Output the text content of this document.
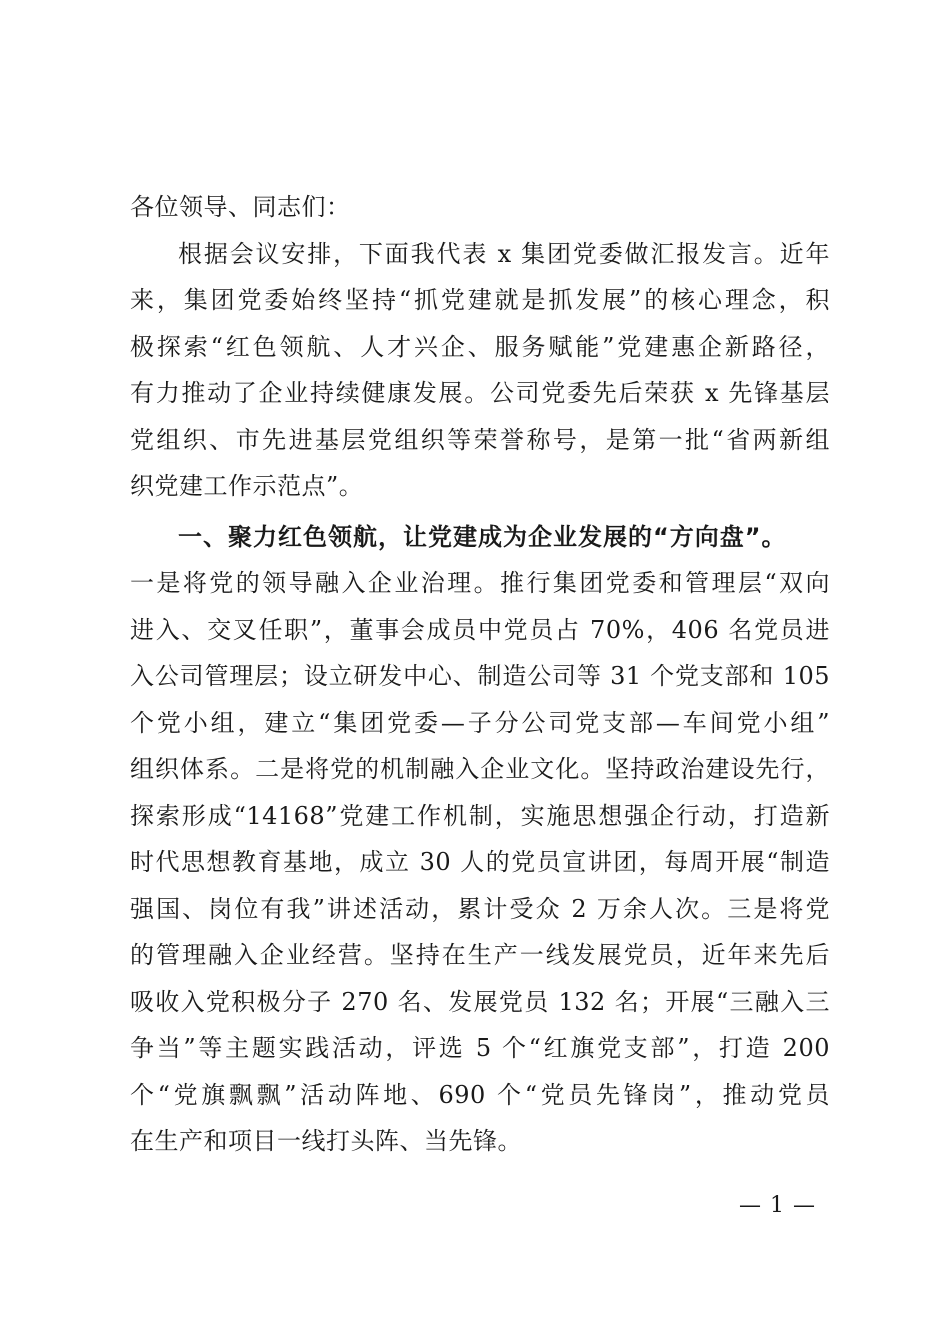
各位领导、同志们：
根据会议安排，下面我代表 x 集团党委做汇报发言。近年
来，集团党委始终坚持“抓党建就是抓发展”的核心理念，积
极探索“红色领航、人才兴企、服务赋能”党建惠企新路径，
有力推动了企业持续健康发展。公司党委先后荣获 x 先锋基层
党组织、市先进基层党组织等荣誉称号，是第一批“省两新组
织党建工作示范点”。
一、聚力红色领航，让党建成为企业发展的“方向盘”。
一是将党的领导融入企业治理。推行集团党委和管理层“双向
进入、交叉任职”，董事会成员中党员占 70%，406 名党员进
入公司管理层；设立研发中心、制造公司等 31 个党支部和 105
个党小组，建立“集团党委—子分公司党支部—车间党小组”
组织体系。二是将党的机制融入企业文化。坚持政治建设先行，
探索形成“14168”党建工作机制，实施思想强企行动，打造新
时代思想教育基地，成立 30 人的党员宣讲团，每周开展“制造
强国、岗位有我”讲述活动，累计受众 2 万余人次。三是将党
的管理融入企业经营。坚持在生产一线发展党员，近年来先后
吸收入党积极分子 270 名、发展党员 132 名；开展“三融入三
争当”等主题实践活动，评选 5 个“红旗党支部”，打造 200
个“党旗飘飘”活动阵地、690 个“党员先锋岗”，推动党员
在生产和项目一线打头阵、当先锋。
— 1 —
